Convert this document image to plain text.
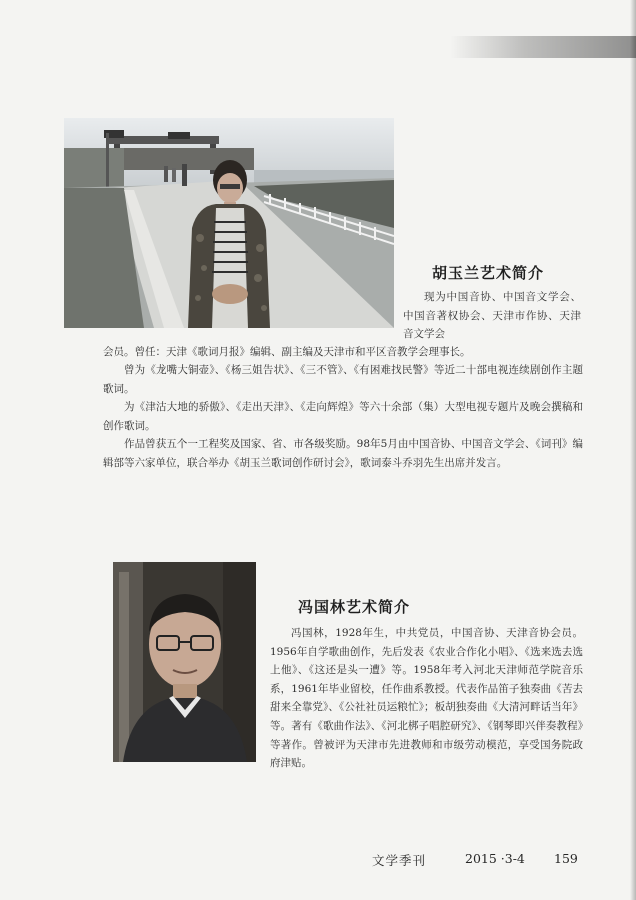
胡玉兰艺术简介
现为中国音协、中国音文学会、中国音著权协会、天津市作协、天津音文学会
会员。曾任：天津《歌词月报》编辑、副主编及天津市和平区音教学会理事长。
曾为《龙嘴大铜壶》、《杨三姐告状》、《三不管》、《有困难找民警》等近二十部电视连续剧创作主题歌词。
为《津沽大地的骄傲》、《走出天津》、《走向辉煌》等六十余部（集）大型电视专题片及晚会撰稿和创作歌词。
作品曾获五个一工程奖及国家、省、市各级奖励。98年5月由中国音协、中国音文学会、《词刊》编辑部等六家单位，联合举办《胡玉兰歌词创作研讨会》，歌词泰斗乔羽先生出席并发言。
冯国林艺术简介
冯国林，1928年生，中共党员，中国音协、天津音协会员。1956年自学歌曲创作，先后发表《农业合作化小唱》、《选来选去选上他》、《这还是头一遭》等。1958年考入河北天津师范学院音乐系，1961年毕业留校，任作曲系教授。代表作品笛子独奏曲《苦去甜来全靠党》、《公社社员运粮忙》；板胡独奏曲《大清河畔话当年》等。著有《歌曲作法》、《河北梆子唱腔研究》、《钢琴即兴伴奏教程》等著作。曾被评为天津市先进教师和市级劳动模范，享受国务院政府津贴。
文学季刊	2015 ·3-4 159
